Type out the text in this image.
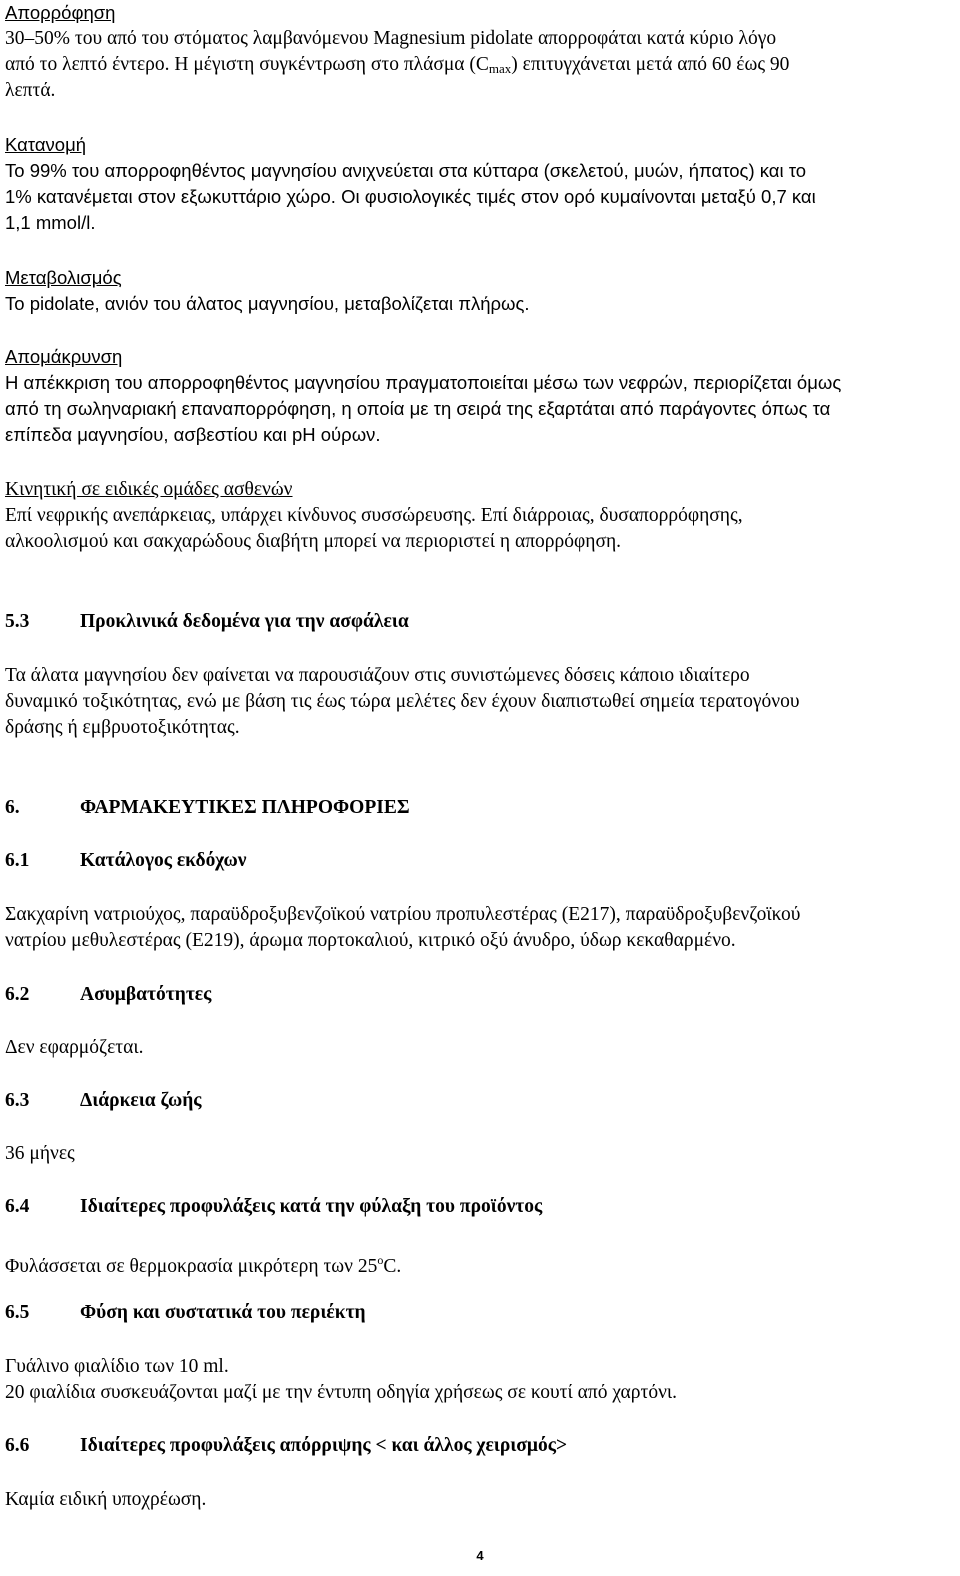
Απορρόφηση
30–50% του από του στόματος λαμβανόμενου Magnesium pidolate απορροφάται κατά κύριο λόγο
από το λεπτό έντερο. Η μέγιστη συγκέντρωση στο πλάσμα $(C_{max})$ επιτυγχάνεται μετά από 60 έως 90
λεπτά.
Κατανομή
Το 99% του απορροφηθέντος μαγνησίου ανιχνεύεται στα κύτταρα (σκελετού, μυών, ήπατος) και το
1% κατανέμεται στον εξωκυττάριο χώρο. Οι φυσιολογικές τιμές στον ορό κυμαίνονται μεταξύ 0,7 και
1,1 mmol/l.
Μεταβολισμός
Το pidolate, ανιόν του άλατος μαγνησίου, μεταβολίζεται πλήρως.
Απομάκρυνση
Η απέκκριση του απορροφηθέντος μαγνησίου πραγματοποιείται μέσω των νεφρών, περιορίζεται όμως
από τη σωληναριακή επαναπορρόφηση, η οποία με τη σειρά της εξαρτάται από παράγοντες όπως τα
επίπεδα μαγνησίου, ασβεστίου και pH ούρων.
Κινητική σε ειδικές ομάδες ασθενών
Επί νεφρικής ανεπάρκειας, υπάρχει κίνδυνος συσσώρευσης. Επί διάρροιας, δυσαπορρόφησης,
αλκοολισμού και σακχαρώδους διαβήτη μπορεί να περιοριστεί η απορρόφηση.
5.3	Προκλινικά δεδομένα για την ασφάλεια
Τα άλατα μαγνησίου δεν φαίνεται να παρουσιάζουν στις συνιστώμενες δόσεις κάποιο ιδιαίτερο
δυναμικό τοξικότητας, ενώ με βάση τις έως τώρα μελέτες δεν έχουν διαπιστωθεί σημεία τερατογόνου
δράσης ή εμβρυοτοξικότητας.
6.	ΦΑΡΜΑΚΕΥΤΙΚΕΣ ΠΛΗΡΟΦΟΡΙΕΣ
6.1	Κατάλογος εκδόχων
Σακχαρίνη νατριούχος, παραϋδροξυβενζοϊκού νατρίου προπυλεστέρας (Ε217), παραϋδροξυβενζοϊκού
νατρίου μεθυλεστέρας (Ε219), άρωμα πορτοκαλιού, κιτρικό οξύ άνυδρο, ύδωρ κεκαθαρμένο.
6.2	Ασυμβατότητες
Δεν εφαρμόζεται.
6.3	Διάρκεια ζωής
36 μήνες
6.4	Ιδιαίτερες προφυλάξεις κατά την φύλαξη του προϊόντος
Φυλάσσεται σε θερμοκρασία μικρότερη των 25$^o$C.
6.5	Φύση και συστατικά του περιέκτη
Γυάλινο φιαλίδιο των 10 ml.
20 φιαλίδια συσκευάζονται μαζί με την έντυπη οδηγία χρήσεως σε κουτί από χαρτόνι.
6.6	Ιδιαίτερες προφυλάξεις απόρριψης < και άλλος χειρισμός>
Καμία ειδική υποχρέωση.
4
